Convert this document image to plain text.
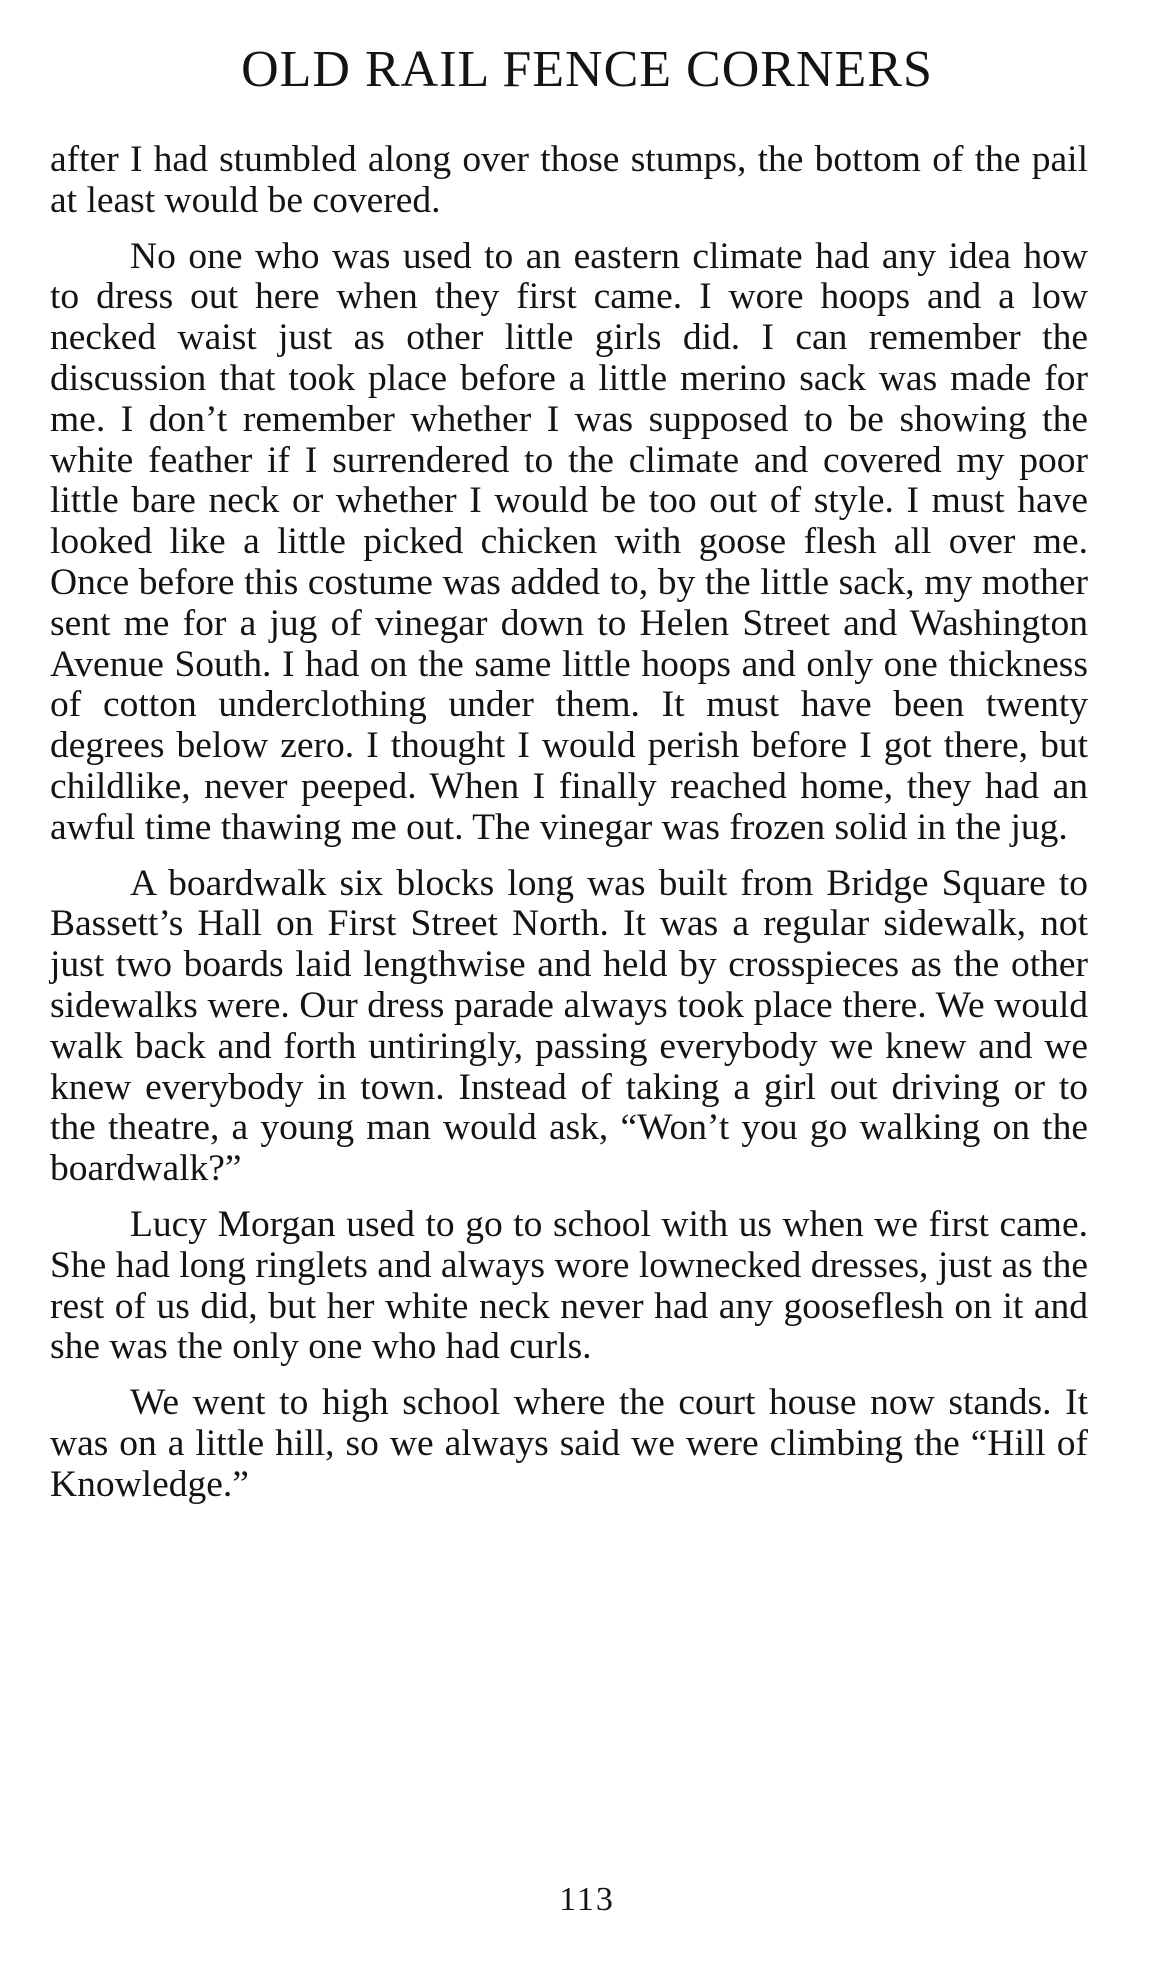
OLD RAIL FENCE CORNERS

after I had stumbled along over those stumps, the bottom of the pail at least would be covered.

No one who was used to an eastern climate had any idea how to dress out here when they first came. I wore hoops and a low necked waist just as other little girls did. I can remember the discussion that took place before a little merino sack was made for me. I don’t remember whether I was supposed to be showing the white feather if I surrendered to the climate and covered my poor little bare neck or whether I would be too out of style. I must have looked like a little picked chicken with goose flesh all over me. Once before this costume was added to, by the little sack, my mother sent me for a jug of vinegar down to Helen Street and Washington Avenue South. I had on the same little hoops and only one thickness of cotton underclothing under them. It must have been twenty degrees below zero. I thought I would perish before I got there, but childlike, never peeped. When I finally reached home, they had an awful time thawing me out. The vinegar was frozen solid in the jug.

A boardwalk six blocks long was built from Bridge Square to Bassett’s Hall on First Street North. It was a regular sidewalk, not just two boards laid lengthwise and held by crosspieces as the other sidewalks were. Our dress parade always took place there. We would walk back and forth untiringly, passing everybody we knew and we knew everybody in town. Instead of taking a girl out driving or to the theatre, a young man would ask, “Won’t you go walking on the boardwalk?”

Lucy Morgan used to go to school with us when we first came. She had long ringlets and always wore lownecked dresses, just as the rest of us did, but her white neck never had any gooseflesh on it and she was the only one who had curls.

We went to high school where the court house now stands. It was on a little hill, so we always said we were climbing the “Hill of Knowledge.”

113
